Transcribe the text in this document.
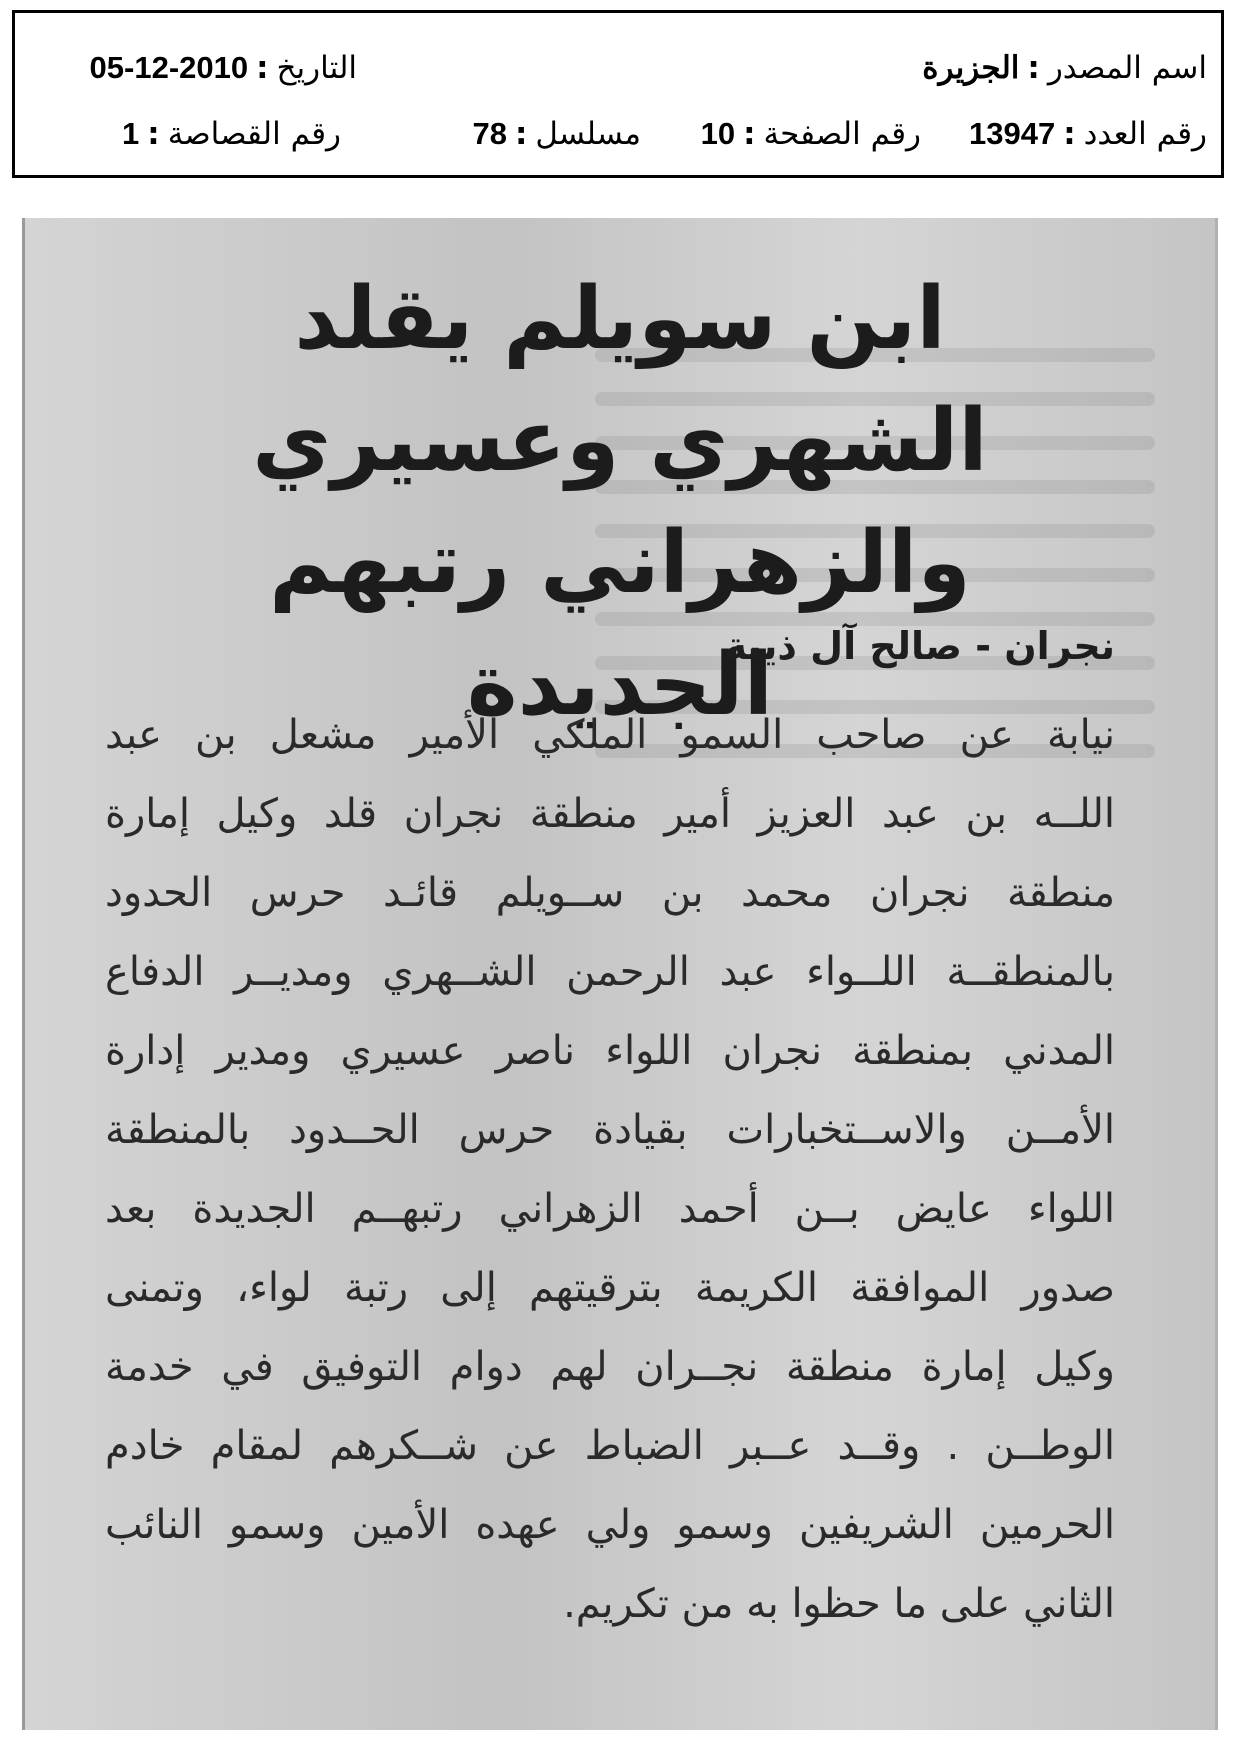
اسم المصدر:الجزيرة
التاريخ:2010-12-05
رقم العدد:13947
رقم الصفحة:10
مسلسل:78
رقم القصاصة:1
ابن سويلم يقلد الشهري وعسيري
والزهراني رتبهم الجديدة
نجران - صالح آل ذيبة
نيابة عن صاحب السمو الملكي الأمير مشعل بن عبد
اللــه بن عبد العزيز أمير منطقة نجران قلد وكيل إمارة
منطقة نجران محمد بن ســويلم قائـد حرس الحدود
بالمنطقــة اللــواء عبد الرحمن الشــهري ومديــر الدفاع
المدني بمنطقة نجران اللواء ناصر عسيري ومدير إدارة
الأمــن والاســتخبارات بقيادة حرس الحــدود بالمنطقة
اللواء عايض بــن أحمد الزهراني رتبهــم الجديدة بعد
صدور الموافقة الكريمة بترقيتهم إلى رتبة لواء، وتمنى
وكيل إمارة منطقة نجــران لهم دوام التوفيق في خدمة
الوطــن . وقــد عــبر الضباط عن شــكرهم لمقام خادم
الحرمين الشريفين وسمو ولي عهده الأمين وسمو النائب
الثاني على ما حظوا به من تكريم.
